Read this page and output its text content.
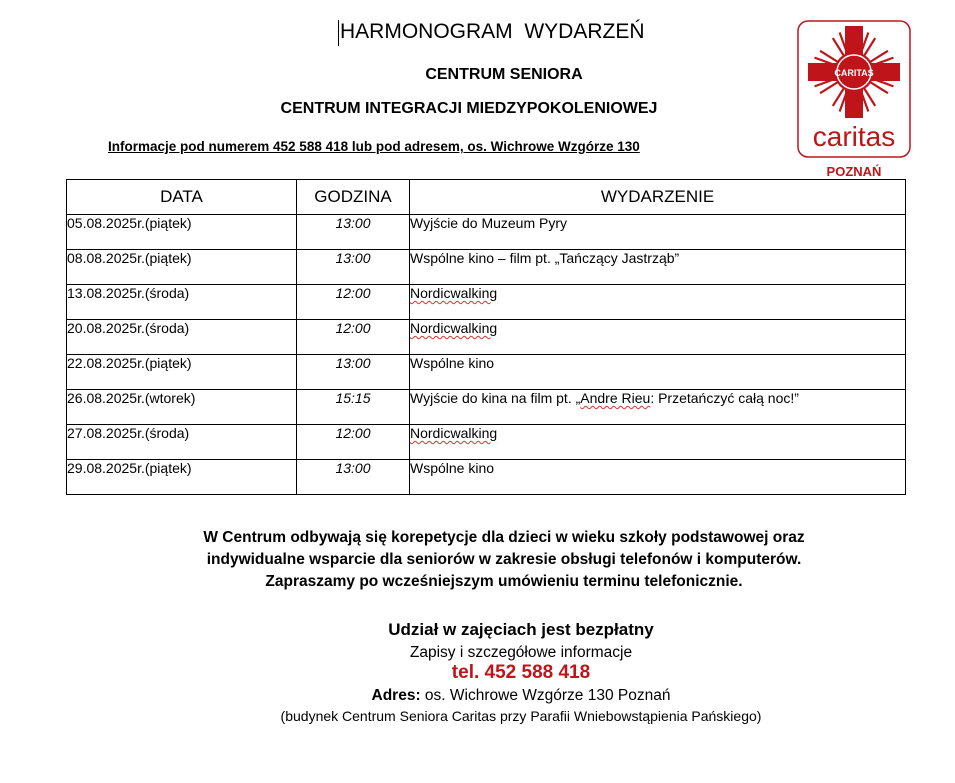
HARMONOGRAM  WYDARZEŃ
CENTRUM SENIORA
CENTRUM INTEGRACJI MIEDZYPOKOLENIOWEJ
Informacje pod numerem 452 588 418 lub pod adresem, os. Wichrowe Wzgórze 130
CARITAS
caritas
POZNAŃ
DATA	GODZINA	WYDARZENIE
05.08.2025r.(piątek)	13:00	Wyjście do Muzeum Pyry
08.08.2025r.(piątek)	13:00	Wspólne kino – film pt. „Tańczący Jastrząb”
13.08.2025r.(środa)	12:00	Nordicwalking
20.08.2025r.(środa)	12:00	Nordicwalking
22.08.2025r.(piątek)	13:00	Wspólne kino
26.08.2025r.(wtorek)	15:15	Wyjście do kina na film pt. „Andre Rieu: Przetańczyć całą noc!”
27.08.2025r.(środa)	12:00	Nordicwalking
29.08.2025r.(piątek)	13:00	Wspólne kino
W Centrum odbywają się korepetycje dla dzieci w wieku szkoły podstawowej oraz
indywidualne wsparcie dla seniorów w zakresie obsługi telefonów i komputerów.
Zapraszamy po wcześniejszym umówieniu terminu telefonicznie.
Udział w zajęciach jest bezpłatny
Zapisy i szczegółowe informacje
tel. 452 588 418
Adres: os. Wichrowe Wzgórze 130 Poznań
(budynek Centrum Seniora Caritas przy Parafii Wniebowstąpienia Pańskiego)
